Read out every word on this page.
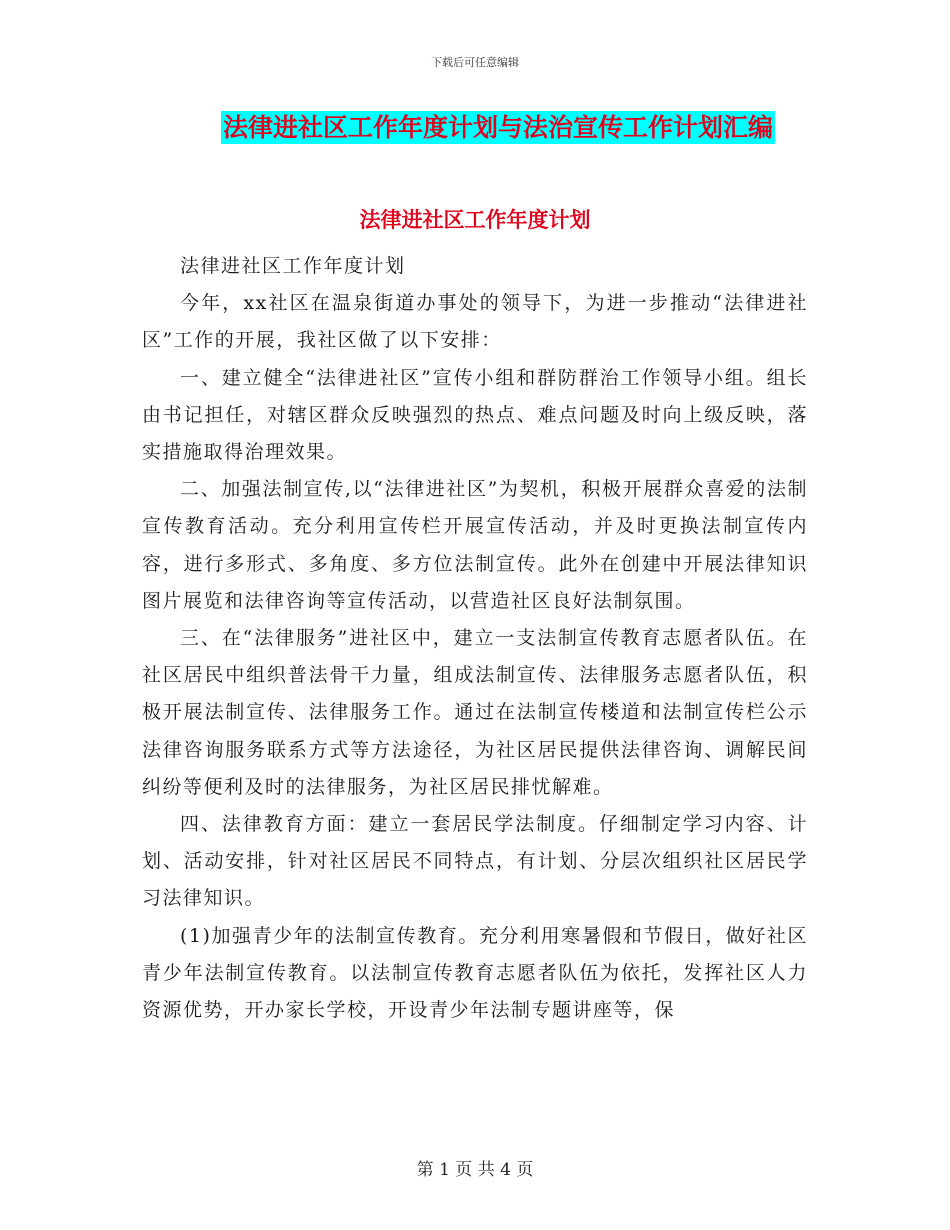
下载后可任意编辑
法律进社区工作年度计划与法治宣传工作计划汇编
法律进社区工作年度计划

法律进社区工作年度计划

今年，xx社区在温泉街道办事处的领导下，为进一步推动“法律进社区”工作的开展，我社区做了以下安排：

一、建立健全“法律进社区”宣传小组和群防群治工作领导小组。组长由书记担任，对辖区群众反映强烈的热点、难点问题及时向上级反映，落实措施取得治理效果。

二、加强法制宣传,以“法律进社区”为契机，积极开展群众喜爱的法制宣传教育活动。充分利用宣传栏开展宣传活动，并及时更换法制宣传内容，进行多形式、多角度、多方位法制宣传。此外在创建中开展法律知识图片展览和法律咨询等宣传活动，以营造社区良好法制氛围。

三、在“法律服务”进社区中，建立一支法制宣传教育志愿者队伍。在社区居民中组织普法骨干力量，组成法制宣传、法律服务志愿者队伍，积极开展法制宣传、法律服务工作。通过在法制宣传楼道和法制宣传栏公示法律咨询服务联系方式等方法途径，为社区居民提供法律咨询、调解民间纠纷等便利及时的法律服务，为社区居民排忧解难。

四、法律教育方面：建立一套居民学法制度。仔细制定学习内容、计划、活动安排，针对社区居民不同特点，有计划、分层次组织社区居民学习法律知识。

(1)加强青少年的法制宣传教育。充分利用寒暑假和节假日，做好社区青少年法制宣传教育。以法制宣传教育志愿者队伍为依托，发挥社区人力资源优势，开办家长学校，开设青少年法制专题讲座等，保

第 1 页 共 4 页
